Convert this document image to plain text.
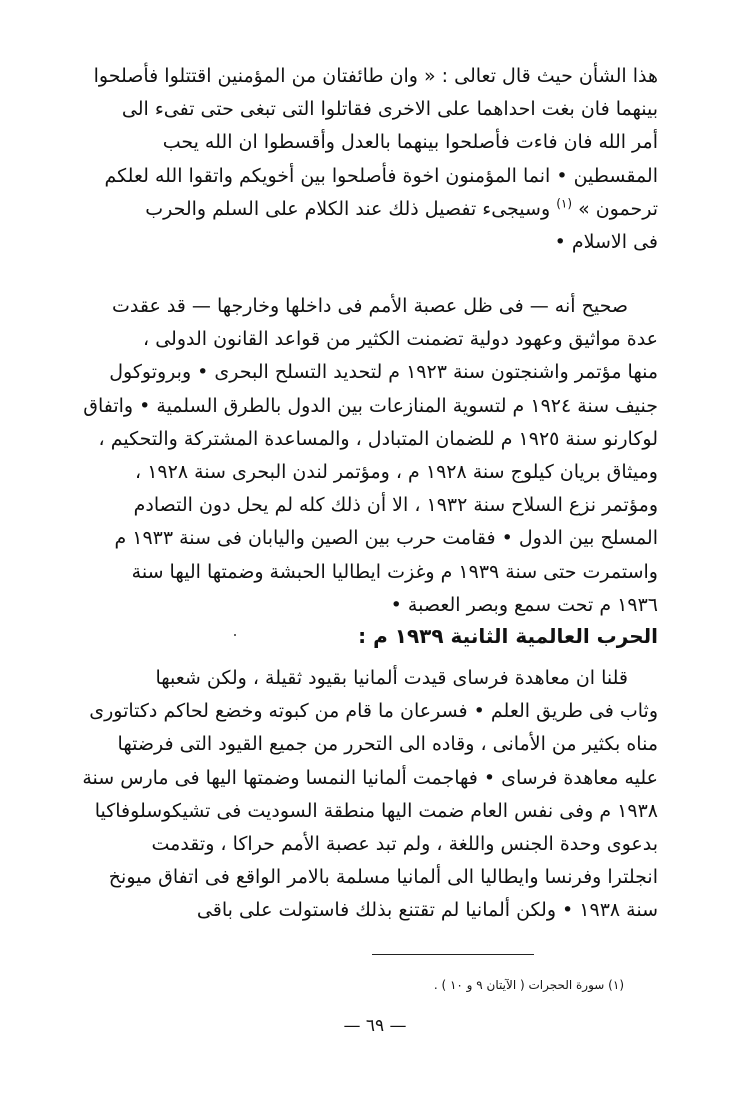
هذا الشأن حيث قال تعالى : « وان طائفتان من المؤمنين اقتتلوا فأصلحوا
بينهما فان بغت احداهما على الاخرى فقاتلوا التى تبغى حتى تفىء الى
أمر الله فان فاءت فأصلحوا بينهما بالعدل وأقسطوا ان الله يحب
المقسطين • انما المؤمنون اخوة فأصلحوا بين أخويكم واتقوا الله لعلكم
ترحمون » $^{(١)}$ وسيجىء تفصيل ذلك عند الكلام على السلم والحرب
فى الاسلام •
صحيح أنه — فى ظل عصبة الأمم فى داخلها وخارجها — قد عقدت
عدة مواثيق وعهود دولية تضمنت الكثير من قواعد القانون الدولى ،
منها مؤتمر واشنجتون سنة ١٩٢٣ م لتحديد التسلح البحرى • وبروتوكول
جنيف سنة ١٩٢٤ م لتسوية المنازعات بين الدول بالطرق السلمية • واتفاق
لوكارنو سنة ١٩٢٥ م للضمان المتبادل ، والمساعدة المشتركة والتحكيم ،
وميثاق بريان كيلوج سنة ١٩٢٨ م ، ومؤتمر لندن البحرى سنة ١٩٢٨ ،
ومؤتمر نزع السلاح سنة ١٩٣٢ ، الا أن ذلك كله لم يحل دون التصادم
المسلح بين الدول • فقامت حرب بين الصين واليابان فى سنة ١٩٣٣ م
واستمرت حتى سنة ١٩٣٩ م وغزت ايطاليا الحبشة وضمتها اليها سنة
١٩٣٦ م تحت سمع وبصر العصبة •
الحرب العالمية الثانية ١٩٣٩ م :
قلنا ان معاهدة فرساى قيدت ألمانيا بقيود ثقيلة ، ولكن شعبها
وثاب فى طريق العلم • فسرعان ما قام من كبوته وخضع لحاكم دكتاتورى
مناه بكثير من الأمانى ، وقاده الى التحرر من جميع القيود التى فرضتها
عليه معاهدة فرساى • فهاجمت ألمانيا النمسا وضمتها اليها فى مارس سنة
١٩٣٨ م وفى نفس العام ضمت اليها منطقة السوديت فى تشيكوسلوفاكيا
بدعوى وحدة الجنس واللغة ، ولم تبد عصبة الأمم حراكا ، وتقدمت
انجلترا وفرنسا وايطاليا الى ألمانيا مسلمة بالامر الواقع فى اتفاق ميونخ
سنة ١٩٣٨ • ولكن ألمانيا لم تقتنع بذلك فاستولت على باقى

(١) سورة الحجرات ( الآيتان ٩ و ١٠ ) .

— ٦٩ —
